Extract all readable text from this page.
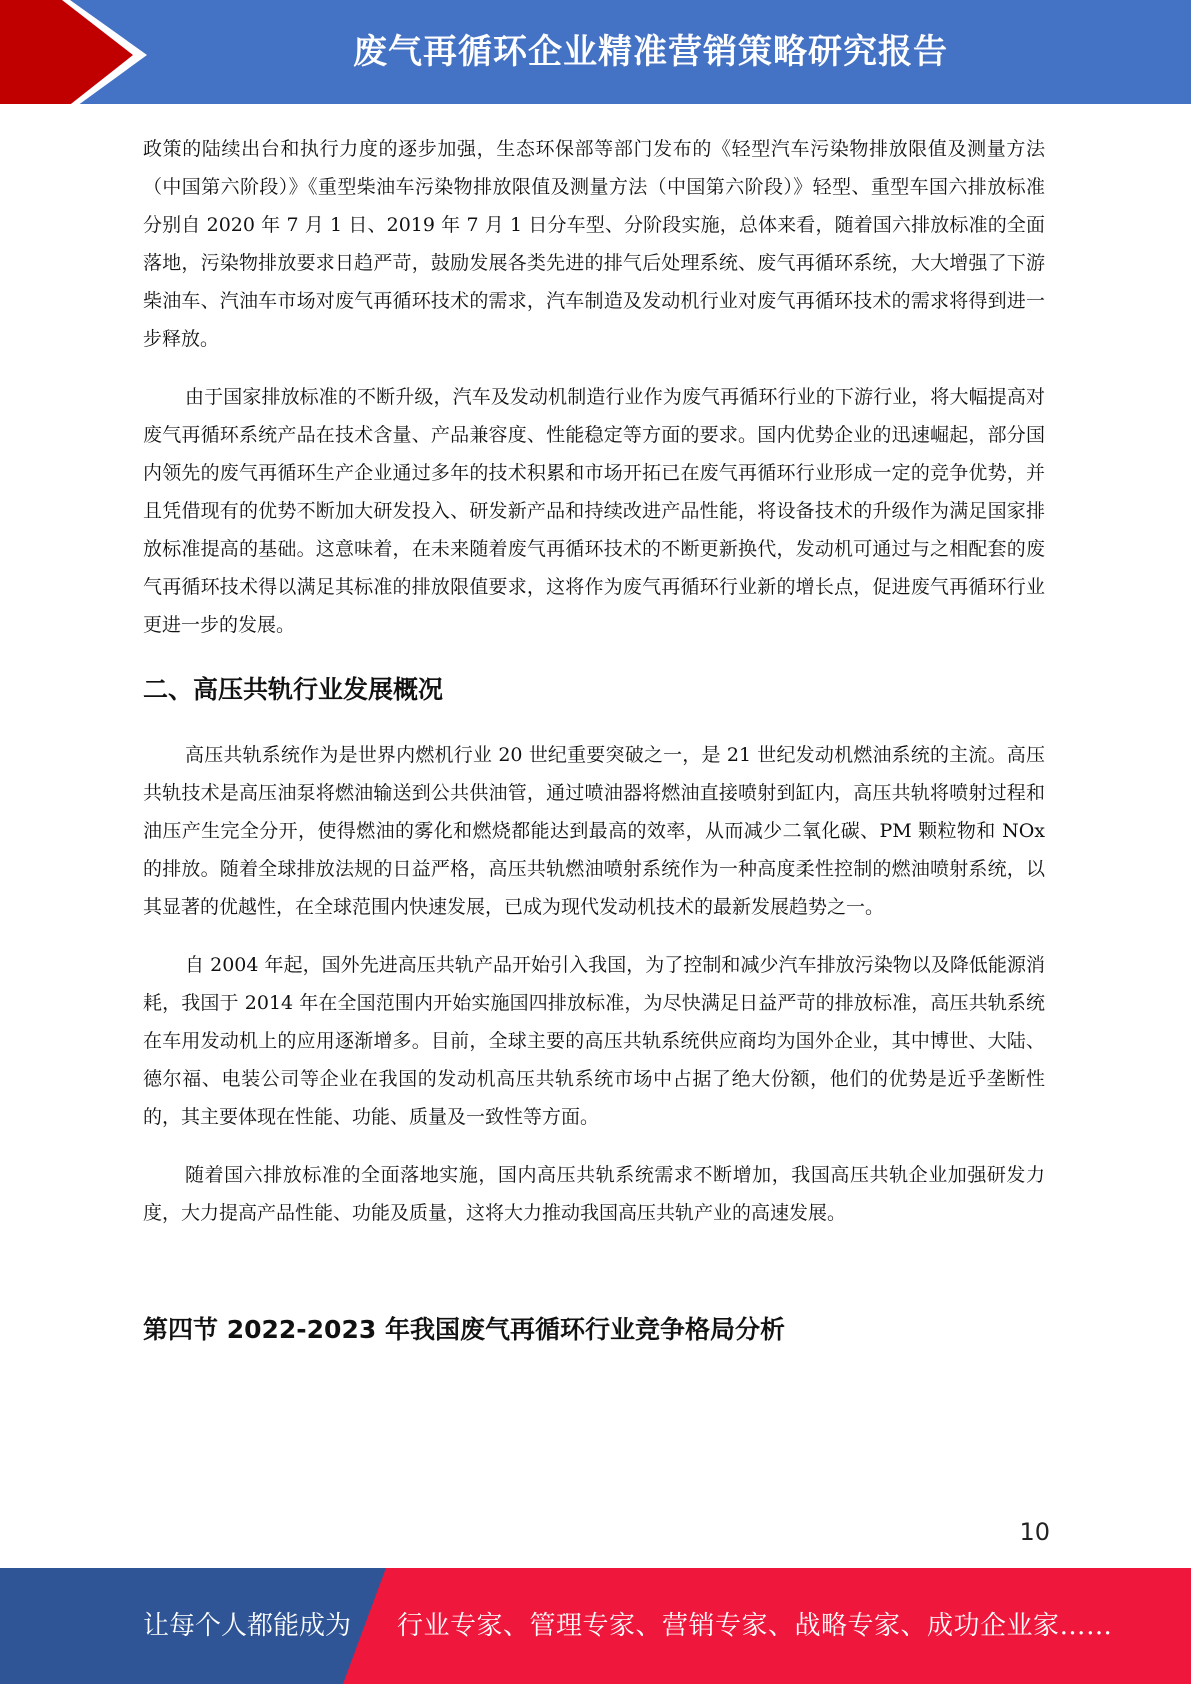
废气再循环企业精准营销策略研究报告

政策的陆续出台和执行力度的逐步加强，生态环保部等部门发布的《轻型汽车污染物排放限值及测量方法（中国第六阶段）》《重型柴油车污染物排放限值及测量方法（中国第六阶段）》轻型、重型车国六排放标准分别自 2020 年 7 月 1 日、2019 年 7 月 1 日分车型、分阶段实施，总体来看，随着国六排放标准的全面落地，污染物排放要求日趋严苛，鼓励发展各类先进的排气后处理系统、废气再循环系统，大大增强了下游柴油车、汽油车市场对废气再循环技术的需求，汽车制造及发动机行业对废气再循环技术的需求将得到进一步释放。

由于国家排放标准的不断升级，汽车及发动机制造行业作为废气再循环行业的下游行业，将大幅提高对废气再循环系统产品在技术含量、产品兼容度、性能稳定等方面的要求。国内优势企业的迅速崛起，部分国内领先的废气再循环生产企业通过多年的技术积累和市场开拓已在废气再循环行业形成一定的竞争优势，并且凭借现有的优势不断加大研发投入、研发新产品和持续改进产品性能，将设备技术的升级作为满足国家排放标准提高的基础。这意味着，在未来随着废气再循环技术的不断更新换代，发动机可通过与之相配套的废气再循环技术得以满足其标准的排放限值要求，这将作为废气再循环行业新的增长点，促进废气再循环行业更进一步的发展。

二、高压共轨行业发展概况

高压共轨系统作为是世界内燃机行业 20 世纪重要突破之一，是 21 世纪发动机燃油系统的主流。高压共轨技术是高压油泵将燃油输送到公共供油管，通过喷油器将燃油直接喷射到缸内，高压共轨将喷射过程和油压产生完全分开，使得燃油的雾化和燃烧都能达到最高的效率，从而减少二氧化碳、PM 颗粒物和 NOx 的排放。随着全球排放法规的日益严格，高压共轨燃油喷射系统作为一种高度柔性控制的燃油喷射系统，以其显著的优越性，在全球范围内快速发展，已成为现代发动机技术的最新发展趋势之一。

自 2004 年起，国外先进高压共轨产品开始引入我国，为了控制和减少汽车排放污染物以及降低能源消耗，我国于 2014 年在全国范围内开始实施国四排放标准，为尽快满足日益严苛的排放标准，高压共轨系统在车用发动机上的应用逐渐增多。目前，全球主要的高压共轨系统供应商均为国外企业，其中博世、大陆、德尔福、电装公司等企业在我国的发动机高压共轨系统市场中占据了绝大份额，他们的优势是近乎垄断性的，其主要体现在性能、功能、质量及一致性等方面。

随着国六排放标准的全面落地实施，国内高压共轨系统需求不断增加，我国高压共轨企业加强研发力度，大力提高产品性能、功能及质量，这将大力推动我国高压共轨产业的高速发展。

第四节 2022-2023 年我国废气再循环行业竞争格局分析
10
让每个人都能成为 行业专家、管理专家、营销专家、战略专家、成功企业家……
